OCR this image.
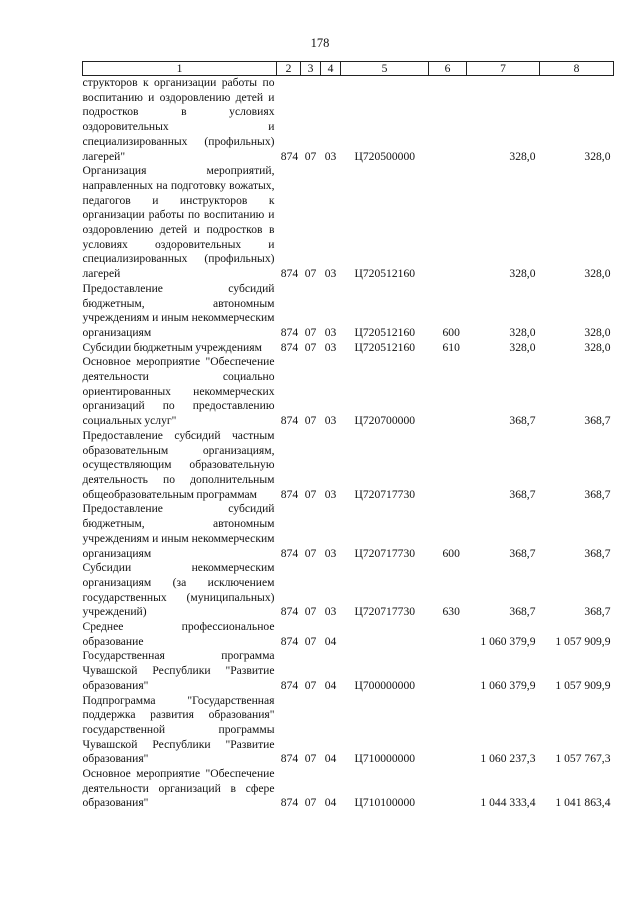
178
1	2	3	4	5	6	7	8
структоров к организации работы по воспитанию и оздоровлению детей и подростков в условиях оздоровительных и специализированных (профильных) лагерей"	874	07	03	Ц720500000		328,0	328,0
Организация мероприятий, направленных на подготовку вожатых, педагогов и инструкторов к организации работы по воспитанию и оздоровлению детей и подростков в условиях оздоровительных и специализированных (профильных) лагерей	874	07	03	Ц720512160		328,0	328,0
Предоставление субсидий бюджетным, автономным учреждениям и иным некоммерческим организациям	874	07	03	Ц720512160	600	328,0	328,0
Субсидии бюджетным учреждениям	874	07	03	Ц720512160	610	328,0	328,0
Основное мероприятие "Обеспечение деятельности социально ориентированных некоммерческих организаций по предоставлению социальных услуг"	874	07	03	Ц720700000		368,7	368,7
Предоставление субсидий частным образовательным организациям, осуществляющим образовательную деятельность по дополнительным общеобразовательным программам	874	07	03	Ц720717730		368,7	368,7
Предоставление субсидий бюджетным, автономным учреждениям и иным некоммерческим организациям	874	07	03	Ц720717730	600	368,7	368,7
Субсидии некоммерческим организациям (за исключением государственных (муниципальных) учреждений)	874	07	03	Ц720717730	630	368,7	368,7
Среднее профессиональное образование	874	07	04			1 060 379,9	1 057 909,9
Государственная программа Чувашской Республики "Развитие образования"	874	07	04	Ц700000000		1 060 379,9	1 057 909,9
Подпрограмма "Государственная поддержка развития образования" государственной программы Чувашской Республики "Развитие образования"	874	07	04	Ц710000000		1 060 237,3	1 057 767,3
Основное мероприятие "Обеспечение деятельности организаций в сфере образования"	874	07	04	Ц710100000		1 044 333,4	1 041 863,4
